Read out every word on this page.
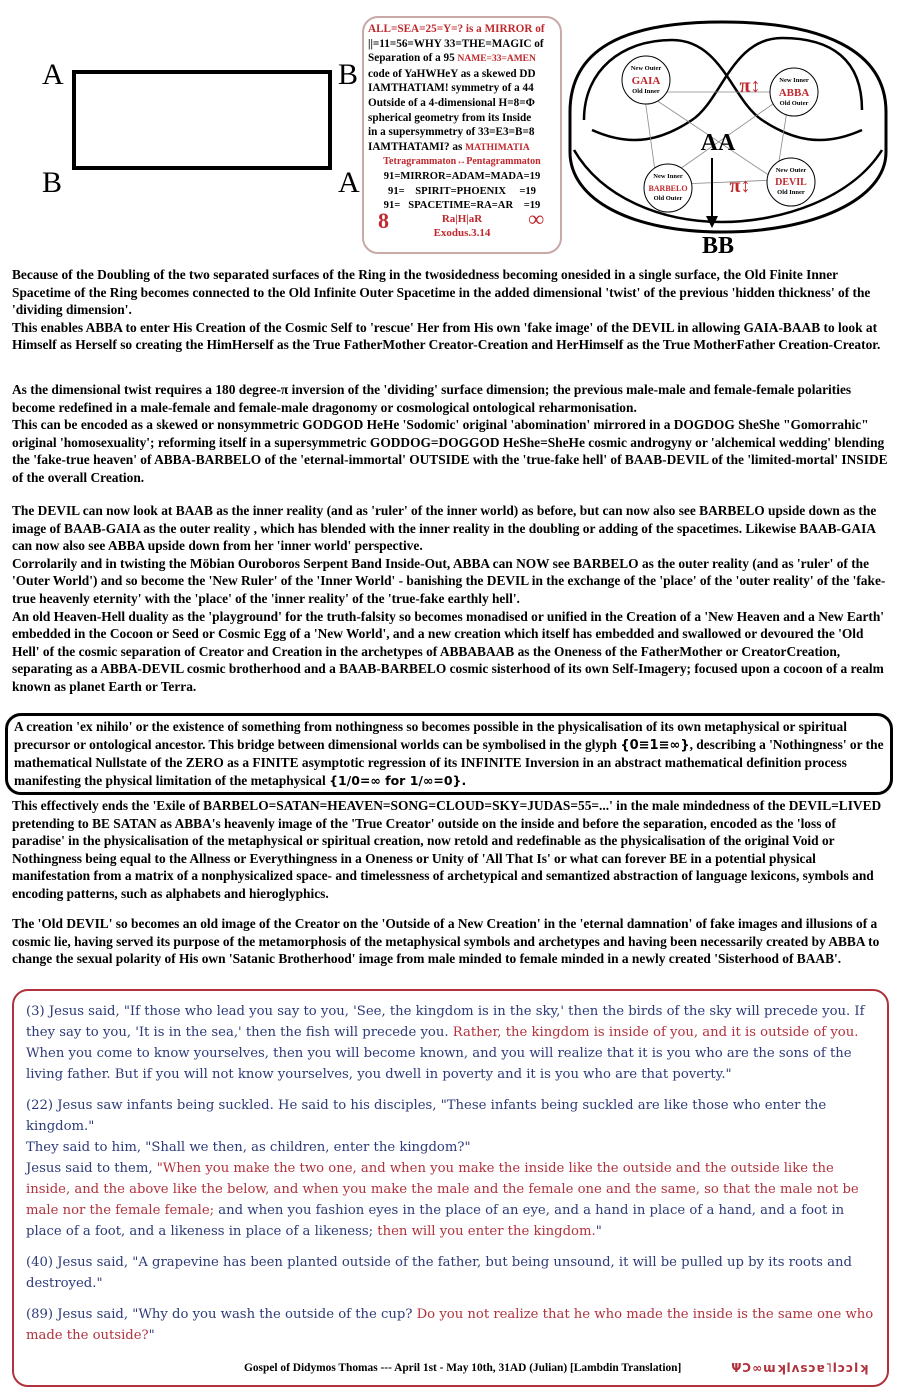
A	B
B	A
ALL=SEA=25=Y=? is a MIRROR of
||=11=56=WHY 33=THE=MAGIC of
Separation of a 95 NAME=33=AMEN
code of YaHWHeY as a skewed DD
IAMTHATIAM! symmetry of a 44
Outside of a 4-dimensional H=8=Φ
spherical geometry from its Inside
in a supersymmetry of 33=E3=B=8
IAMTHATAMI? as MATHIMATIA
Tetragrammaton↔Pentagrammaton
91=MIRROR=ADAM=MADA=19
91=    SPIRIT=PHOENIX     =19
91=   SPACETIME=RA=AR    =19
8	Ra|H|aR
Exodus.3.14
∞
New Outer
GAIA
Old Inner
New Inner
ABBA
Old Outer
New Inner
BARBELO
Old Outer
New Outer
DEVIL
Old Inner
π↕
π↕
AA
BB

Because of the Doubling of the two separated surfaces of the Ring in the twosidedness becoming onesided in a single surface, the Old Finite Inner Spacetime of the Ring becomes connected to the Old Infinite Outer Spacetime in the added dimensional 'twist' of the previous 'hidden thickness' of the 'dividing dimension'.

This enables ABBA to enter His Creation of the Cosmic Self to 'rescue' Her from His own 'fake image' of the DEVIL in allowing GAIA-BAAB to look at Himself as Herself so creating the HimHerself as the True FatherMother Creator-Creation and HerHimself as the True MotherFather Creation-Creator.

As the dimensional twist requires a 180 degree-π inversion of the 'dividing' surface dimension; the previous male-male and female-female polarities become redefined in a male-female and female-male dragonomy or cosmological ontological reharmonisation.

This can be encoded as a skewed or nonsymmetric GODGOD HeHe 'Sodomic' original 'abomination' mirrored in a DOGDOG SheShe "Gomorrahic" original 'homosexuality'; reforming itself in a supersymmetric GODDOG=DOGGOD HeShe=SheHe cosmic androgyny or 'alchemical wedding' blending the 'fake-true heaven' of ABBA-BARBELO of the 'eternal-immortal' OUTSIDE with the 'true-fake hell' of BAAB-DEVIL of the 'limited-mortal' INSIDE of the overall Creation.

The DEVIL can now look at BAAB as the inner reality (and as 'ruler' of the inner world) as before, but can now also see BARBELO upside down as the image of BAAB-GAIA as the outer reality , which has blended with the inner reality in the doubling or adding of the spacetimes. Likewise BAAB-GAIA can now also see ABBA upside down from her 'inner world' perspective.

Corrolarily and in twisting the Möbian Ouroboros Serpent Band Inside-Out, ABBA can NOW see BARBELO as the outer reality (and as 'ruler' of the 'Outer World') and so become the 'New Ruler' of the 'Inner World' - banishing the DEVIL in the exchange of the 'place' of the 'outer reality' of the 'fake-true heavenly eternity' with the 'place' of the 'inner reality' of the 'true-fake earthly hell'.

An old Heaven-Hell duality as the 'playground' for the truth-falsity so becomes monadised or unified in the Creation of a 'New Heaven and a New Earth' embedded in the Cocoon or Seed or Cosmic Egg of a 'New World', and a new creation which itself has embedded and swallowed or devoured the 'Old Hell' of the cosmic separation of Creator and Creation in the archetypes of ABBABAAB as the Oneness of the FatherMother or CreatorCreation, separating as a ABBA-DEVIL cosmic brotherhood and a BAAB-BARBELO cosmic sisterhood of its own Self-Imagery; focused upon a cocoon of a realm known as planet Earth or Terra.

A creation 'ex nihilo' or the existence of something from nothingness so becomes possible in the physicalisation of its own metaphysical or spiritual precursor or ontological ancestor. This bridge between dimensional worlds can be symbolised in the glyph {0≡1≡∞}, describing a 'Nothingness' or the mathematical Nullstate of the ZERO as a FINITE asymptotic regression of its INFINITE Inversion in an abstract mathematical definition process manifesting the physical limitation of the metaphysical {1/0=∞ for 1/∞=0}.

This effectively ends the 'Exile of BARBELO=SATAN=HEAVEN=SONG=CLOUD=SKY=JUDAS=55=...' in the male mindedness of the DEVIL=LIVED pretending to BE SATAN as ABBA's heavenly image of the 'True Creator' outside on the inside and before the separation, encoded as the 'loss of paradise' in the physicalisation of the metaphysical or spiritual creation, now retold and redefinable as the physicalisation of the original Void or Nothingness being equal to the Allness or Everythingness in a Oneness or Unity of 'All That Is' or what can forever BE in a potential physical manifestation from a matrix of a nonphysicalized space- and timelessness of archetypical and semantized abstraction of language lexicons, symbols and encoding patterns, such as alphabets and hieroglyphics.

The 'Old DEVIL' so becomes an old image of the Creator on the 'Outside of a New Creation' in the 'eternal damnation' of fake images and illusions of a cosmic lie, having served its purpose of the metamorphosis of the metaphysical symbols and archetypes and having been necessarily created by ABBA to change the sexual polarity of His own 'Satanic Brotherhood' image from male minded to female minded in a newly created 'Sisterhood of BAAB'.

(3) Jesus said, "If those who lead you say to you, 'See, the kingdom is in the sky,' then the birds of the sky will precede you. If they say to you, 'It is in the sea,' then the fish will precede you. Rather, the kingdom is inside of you, and it is outside of you. When you come to know yourselves, then you will become known, and you will realize that it is you who are the sons of the living father. But if you will not know yourselves, you dwell in poverty and it is you who are that poverty."

(22) Jesus saw infants being suckled. He said to his disciples, "These infants being suckled are like those who enter the kingdom."
They said to him, "Shall we then, as children, enter the kingdom?"
Jesus said to them, "When you make the two one, and when you make the inside like the outside and the outside like the inside, and the above like the below, and when you make the male and the female one and the same, so that the male not be male nor the female female; and when you fashion eyes in the place of an eye, and a hand in place of a hand, and a foot in place of a foot, and a likeness in place of a likeness; then will you enter the kingdom."

(40) Jesus said, "A grapevine has been planted outside of the father, but being unsound, it will be pulled up by its roots and destroyed."

(89) Jesus said, "Why do you wash the outside of the cup? Do you not realize that he who made the inside is the same one who made the outside?"

Gospel of Didymos Thomas --- April 1st - May 10th, 31AD (Julian) [Lambdin Translation]	ΨƆ∞ɯʞlʌsɔɐ˥lɔɔlʞ
